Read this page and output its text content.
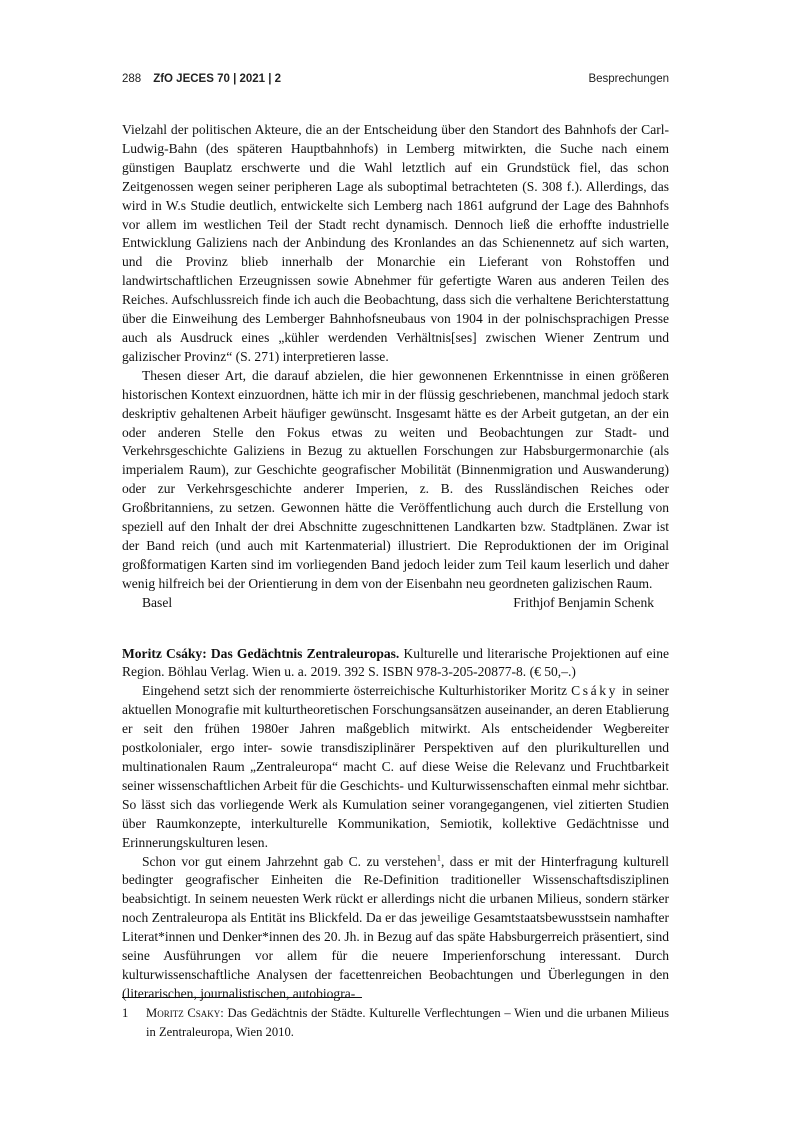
288 ZfO JECES 70 | 2021 | 2	Besprechungen

Vielzahl der politischen Akteure, die an der Entscheidung über den Standort des Bahnhofs der Carl-Ludwig-Bahn (des späteren Hauptbahnhofs) in Lemberg mitwirkten, die Suche nach einem günstigen Bauplatz erschwerte und die Wahl letztlich auf ein Grundstück fiel, das schon Zeitgenossen wegen seiner peripheren Lage als suboptimal betrachteten (S. 308 f.). Allerdings, das wird in W.s Studie deutlich, entwickelte sich Lemberg nach 1861 aufgrund der Lage des Bahnhofs vor allem im westlichen Teil der Stadt recht dynamisch. Dennoch ließ die erhoffte industrielle Entwicklung Galiziens nach der Anbindung des Kronlandes an das Schienennetz auf sich warten, und die Provinz blieb innerhalb der Monarchie ein Lieferant von Rohstoffen und landwirtschaftlichen Erzeugnissen sowie Abnehmer für gefertigte Waren aus anderen Teilen des Reiches. Aufschlussreich finde ich auch die Beobachtung, dass sich die verhaltene Berichterstattung über die Einweihung des Lemberger Bahnhofsneubaus von 1904 in der polnischsprachigen Presse auch als Ausdruck eines „kühler werdenden Verhältnis[ses] zwischen Wiener Zentrum und galizischer Provinz“ (S. 271) interpretieren lasse.

Thesen dieser Art, die darauf abzielen, die hier gewonnenen Erkenntnisse in einen größeren historischen Kontext einzuordnen, hätte ich mir in der flüssig geschriebenen, manchmal jedoch stark deskriptiv gehaltenen Arbeit häufiger gewünscht. Insgesamt hätte es der Arbeit gutgetan, an der ein oder anderen Stelle den Fokus etwas zu weiten und Beobachtungen zur Stadt- und Verkehrsgeschichte Galiziens in Bezug zu aktuellen Forschungen zur Habsburgermonarchie (als imperialem Raum), zur Geschichte geografischer Mobilität (Binnenmigration und Auswanderung) oder zur Verkehrsgeschichte anderer Imperien, z. B. des Russländischen Reiches oder Großbritanniens, zu setzen. Gewonnen hätte die Veröffentlichung auch durch die Erstellung von speziell auf den Inhalt der drei Abschnitte zugeschnittenen Landkarten bzw. Stadtplänen. Zwar ist der Band reich (und auch mit Kartenmaterial) illustriert. Die Reproduktionen der im Original großformatigen Karten sind im vorliegenden Band jedoch leider zum Teil kaum leserlich und daher wenig hilfreich bei der Orientierung in dem von der Eisenbahn neu geordneten galizischen Raum.

Basel	Frithjof Benjamin Schenk

Moritz Csáky: Das Gedächtnis Zentraleuropas. Kulturelle und literarische Projektionen auf eine Region. Böhlau Verlag. Wien u. a. 2019. 392 S. ISBN 978-3-205-20877-8. (€ 50,–.)

Eingehend setzt sich der renommierte österreichische Kulturhistoriker Moritz Csáky in seiner aktuellen Monografie mit kulturtheoretischen Forschungsansätzen auseinander, an deren Etablierung er seit den frühen 1980er Jahren maßgeblich mitwirkt. Als entscheidender Wegbereiter postkolonialer, ergo inter- sowie transdisziplinärer Perspektiven auf den plurikulturellen und multinationalen Raum „Zentraleuropa“ macht C. auf diese Weise die Relevanz und Fruchtbarkeit seiner wissenschaftlichen Arbeit für die Geschichts- und Kulturwissenschaften einmal mehr sichtbar. So lässt sich das vorliegende Werk als Kumulation seiner vorangegangenen, viel zitierten Studien über Raumkonzepte, interkulturelle Kommunikation, Semiotik, kollektive Gedächtnisse und Erinnerungskulturen lesen.

Schon vor gut einem Jahrzehnt gab C. zu verstehen$^1$, dass er mit der Hinterfragung kulturell bedingter geografischer Einheiten die Re-Definition traditioneller Wissenschaftsdisziplinen beabsichtigt. In seinem neuesten Werk rückt er allerdings nicht die urbanen Milieus, sondern stärker noch Zentraleuropa als Entität ins Blickfeld. Da er das jeweilige Gesamtstaatsbewusstsein namhafter Literat*innen und Denker*innen des 20. Jh. in Bezug auf das späte Habsburgerreich präsentiert, sind seine Ausführungen vor allem für die neuere Imperienforschung interessant. Durch kulturwissenschaftliche Analysen der facettenreichen Beobachtungen und Überlegungen in den (literarischen, journalistischen, autobiogra-

1 Moritz Csaky: Das Gedächtnis der Städte. Kulturelle Verflechtungen – Wien und die urbanen Milieus in Zentraleuropa, Wien 2010.
